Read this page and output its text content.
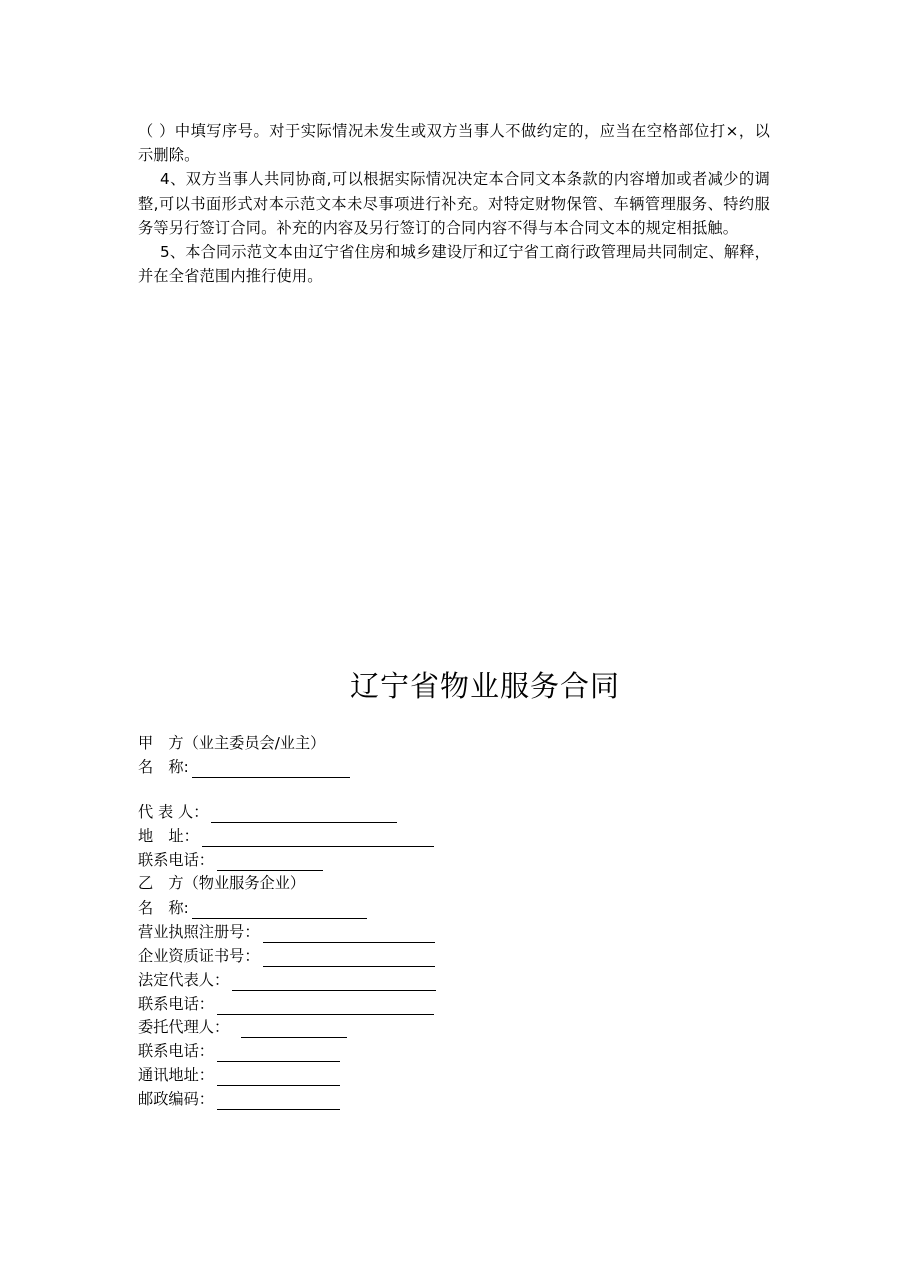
（ ）中填写序号。对于实际情况未发生或双方当事人不做约定的，应当在空格部位打×，以示删除。

4、双方当事人共同协商,可以根据实际情况决定本合同文本条款的内容增加或者减少的调整,可以书面形式对本示范文本未尽事项进行补充。对特定财物保管、车辆管理服务、特约服务等另行签订合同。补充的内容及另行签订的合同内容不得与本合同文本的规定相抵触。

5、本合同示范文本由辽宁省住房和城乡建设厅和辽宁省工商行政管理局共同制定、解释，并在全省范围内推行使用。

辽宁省物业服务合同
甲　方（业主委员会/业主）
名　称:
代 表 人：
地　址：
联系电话：
乙　方（物业服务企业）
名　称:
营业执照注册号：
企业资质证书号：
法定代表人：
联系电话：
委托代理人：
联系电话：
通讯地址：
邮政编码：
